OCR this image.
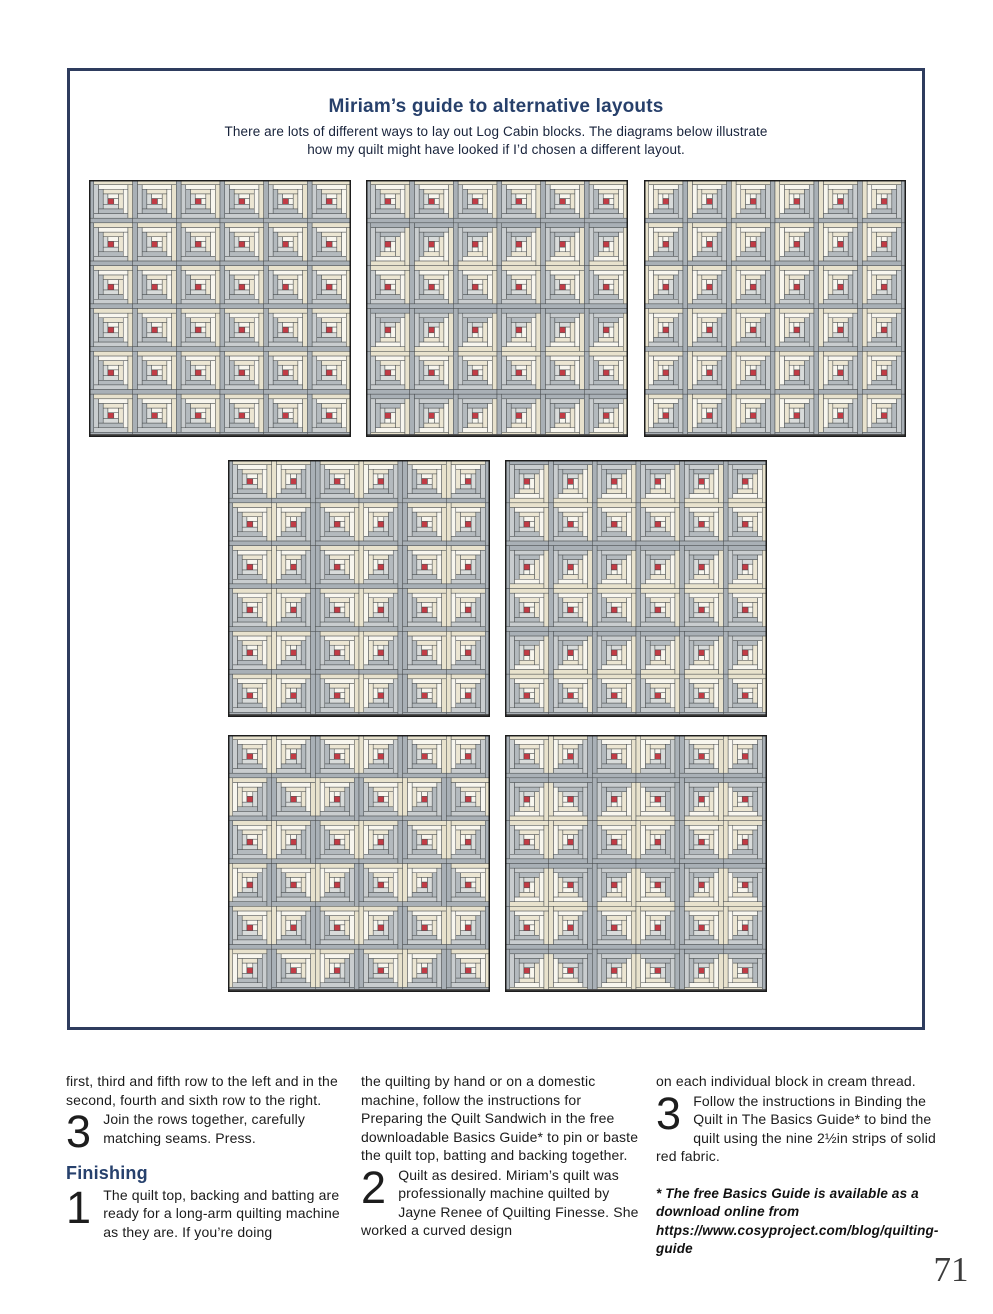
Miriam’s guide to alternative layouts
There are lots of different ways to lay out Log Cabin blocks. The diagrams below illustrate
how my quilt might have looked if I’d chosen a different layout.

first, third and fifth row to the left and in the second, fourth and sixth row to the right.

3 Join the rows together, carefully matching seams. Press.

Finishing
1 The quilt top, backing and batting are ready for a long-arm quilting machine as they are. If you’re doing

the quilting by hand or on a domestic machine, follow the instructions for Preparing the Quilt Sandwich in the free downloadable Basics Guide* to pin or baste the quilt top, batting and backing together.

2 Quilt as desired. Miriam’s quilt was professionally machine quilted by Jayne Renee of Quilting Finesse. She worked a curved design

on each individual block in cream thread.

3 Follow the instructions in Binding the Quilt in The Basics Guide* to bind the quilt using the nine 2½in strips of solid red fabric.

* The free Basics Guide is available as a download online from https://www.cosyproject.com/blog/quilting-guide
71
